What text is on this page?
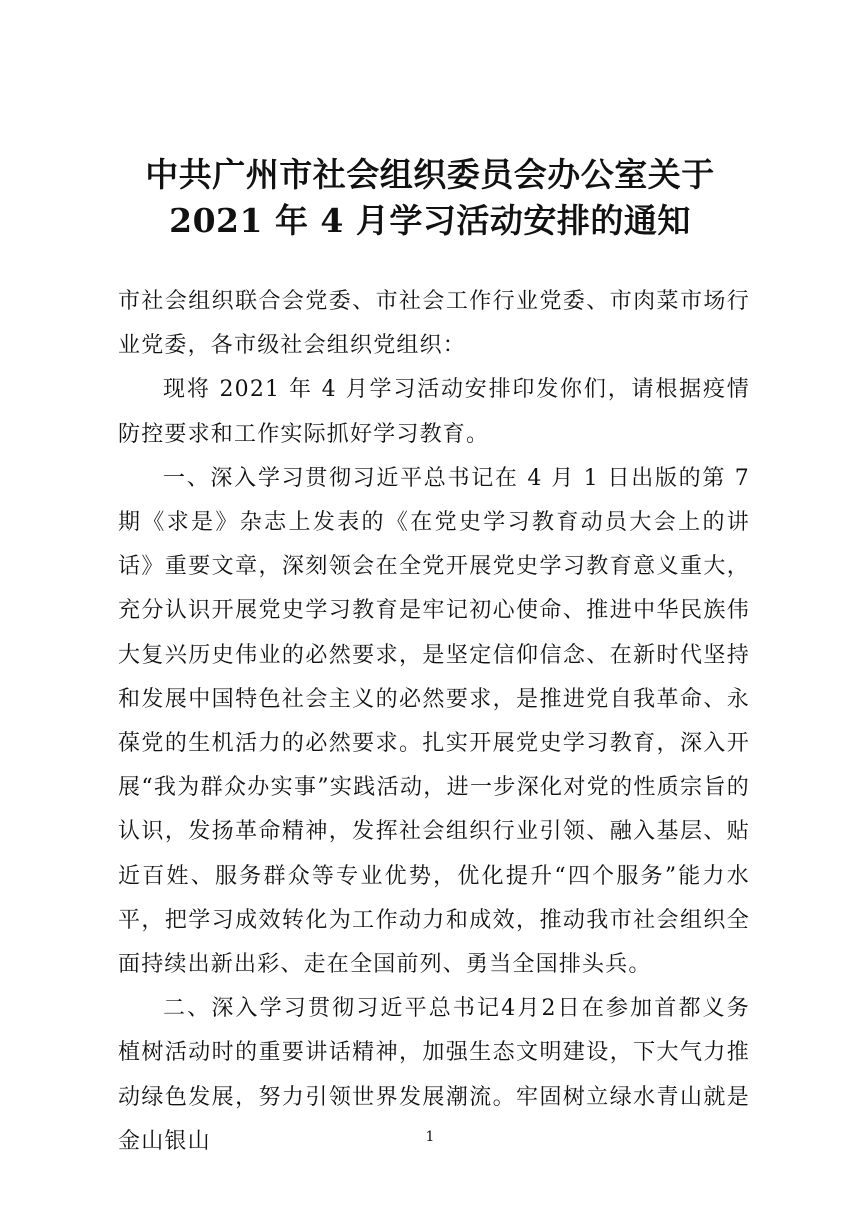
中共广州市社会组织委员会办公室关于
2021 年 4 月学习活动安排的通知

市社会组织联合会党委、市社会工作行业党委、市肉菜市场行业党委，各市级社会组织党组织：

现将 2021 年 4 月学习活动安排印发你们，请根据疫情防控要求和工作实际抓好学习教育。

一、深入学习贯彻习近平总书记在 4 月 1 日出版的第 7 期《求是》杂志上发表的《在党史学习教育动员大会上的讲话》重要文章，深刻领会在全党开展党史学习教育意义重大，充分认识开展党史学习教育是牢记初心使命、推进中华民族伟大复兴历史伟业的必然要求，是坚定信仰信念、在新时代坚持和发展中国特色社会主义的必然要求，是推进党自我革命、永葆党的生机活力的必然要求。扎实开展党史学习教育，深入开展“我为群众办实事”实践活动，进一步深化对党的性质宗旨的认识，发扬革命精神，发挥社会组织行业引领、融入基层、贴近百姓、服务群众等专业优势，优化提升“四个服务”能力水平，把学习成效转化为工作动力和成效，推动我市社会组织全面持续出新出彩、走在全国前列、勇当全国排头兵。

二、深入学习贯彻习近平总书记4月2日在参加首都义务植树活动时的重要讲话精神，加强生态文明建设，下大气力推动绿色发展，努力引领世界发展潮流。牢固树立绿水青山就是金山银山	1
